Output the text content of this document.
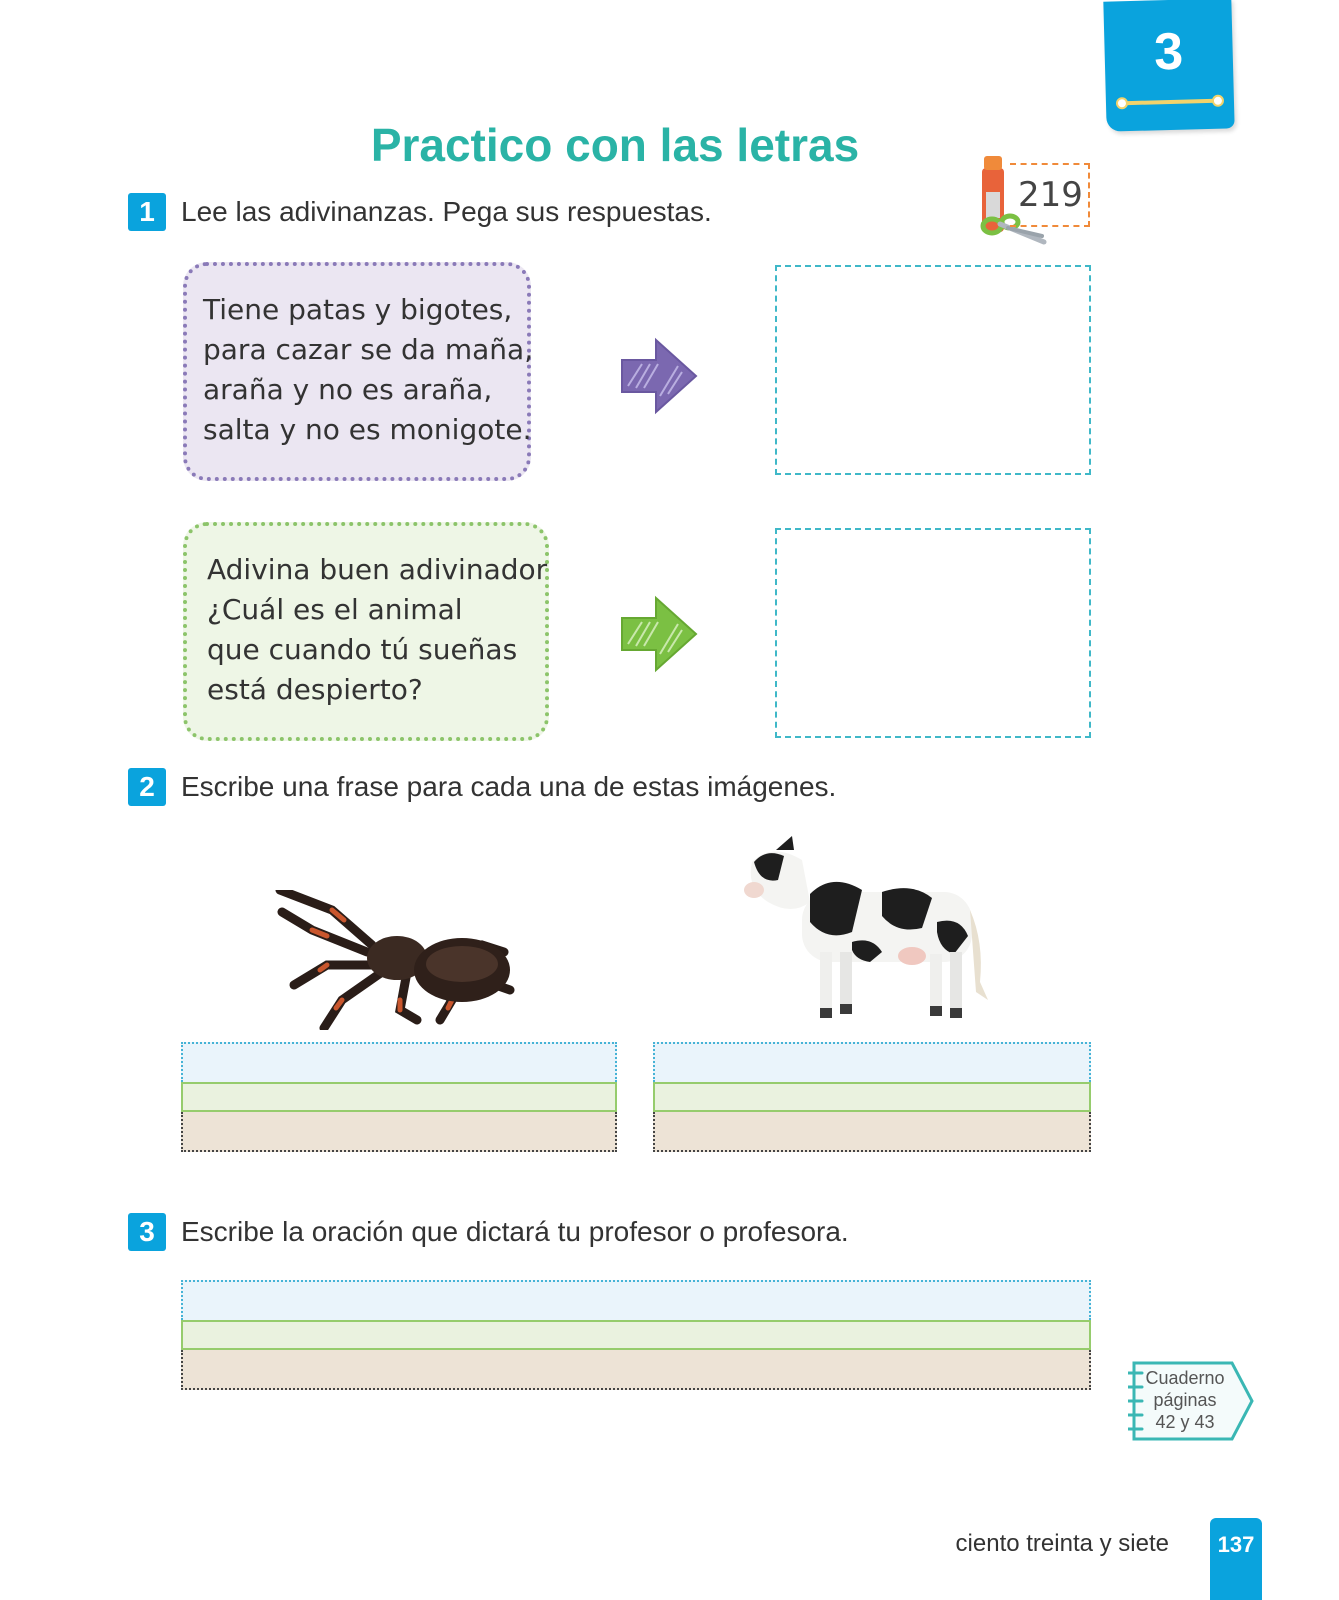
3
Practico con las letras
219
1 Lee las adivinanzas. Pega sus respuestas.
Tiene patas y bigotes,
para cazar se da maña,
araña y no es araña,
salta y no es monigote.
Adivina buen adivinador
¿Cuál es el animal
que cuando tú sueñas
está despierto?
2 Escribe una frase para cada una de estas imágenes.
3 Escribe la oración que dictará tu profesor o profesora.
Cuaderno
páginas
42 y 43
ciento treinta y siete	137
